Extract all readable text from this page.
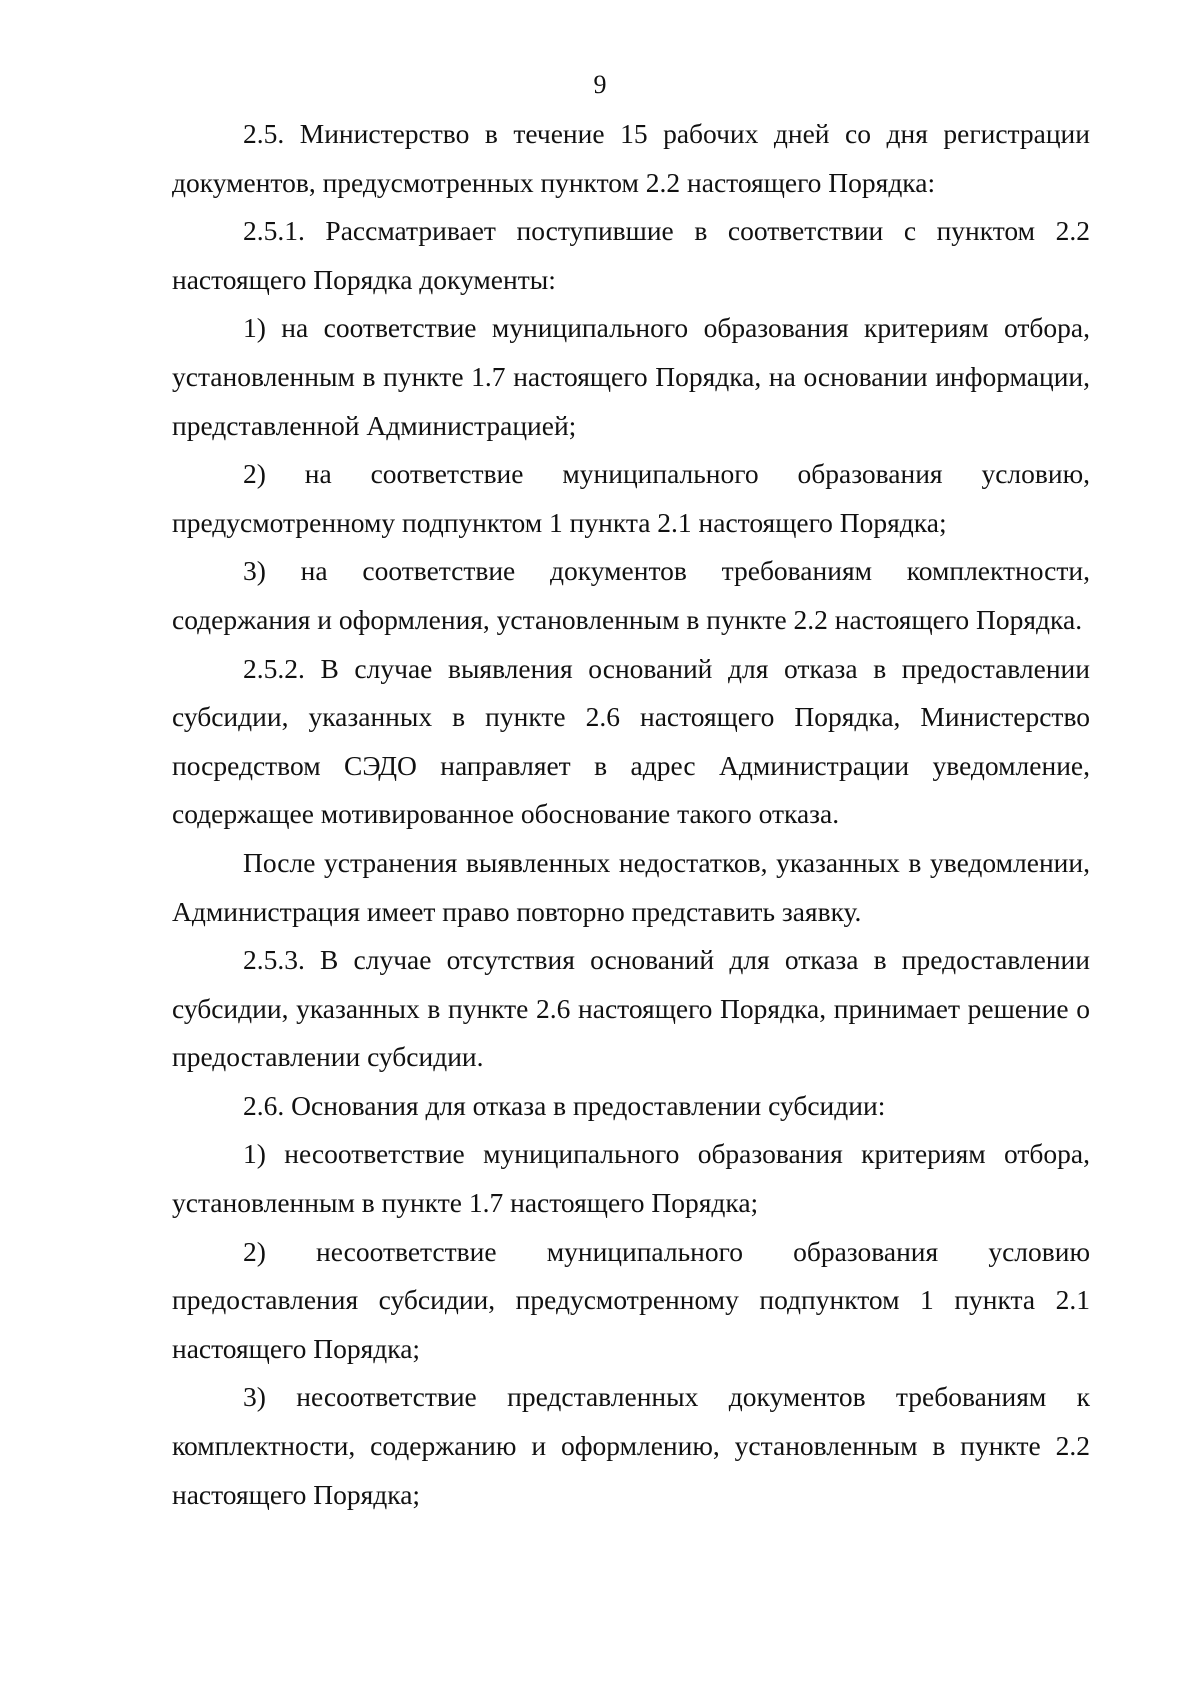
9

2.5. Министерство в течение 15 рабочих дней со дня регистрации документов, предусмотренных пунктом 2.2 настоящего Порядка:

2.5.1. Рассматривает поступившие в соответствии с пунктом 2.2 настоящего Порядка документы:

1) на соответствие муниципального образования критериям отбора, установленным в пункте 1.7 настоящего Порядка, на основании информации, представленной Администрацией;

2) на соответствие муниципального образования условию, предусмотренному подпунктом 1 пункта 2.1 настоящего Порядка;

3) на соответствие документов требованиям комплектности, содержания и оформления, установленным в пункте 2.2 настоящего Порядка.

2.5.2. В случае выявления оснований для отказа в предоставлении субсидии, указанных в пункте 2.6 настоящего Порядка, Министерство посредством СЭДО направляет в адрес Администрации уведомление, содержащее мотивированное обоснование такого отказа.

После устранения выявленных недостатков, указанных в уведомлении, Администрация имеет право повторно представить заявку.

2.5.3. В случае отсутствия оснований для отказа в предоставлении субсидии, указанных в пункте 2.6 настоящего Порядка, принимает решение о предоставлении субсидии.

2.6. Основания для отказа в предоставлении субсидии:

1) несоответствие муниципального образования критериям отбора, установленным в пункте 1.7 настоящего Порядка;

2) несоответствие муниципального образования условию предоставления субсидии, предусмотренному подпунктом 1 пункта 2.1 настоящего Порядка;

3) несоответствие представленных документов требованиям к комплектности, содержанию и оформлению, установленным в пункте 2.2 настоящего Порядка;
